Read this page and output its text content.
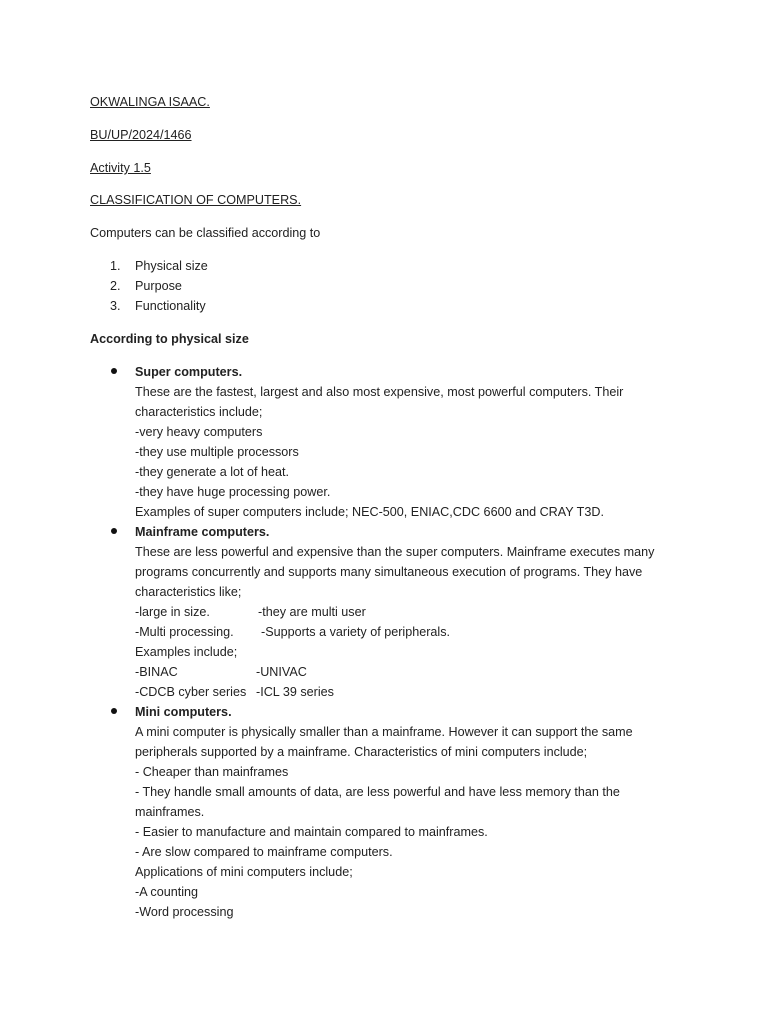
OKWALINGA ISAAC.
BU/UP/2024/1466
Activity 1.5
CLASSIFICATION OF COMPUTERS.
Computers can be classified according to
1. Physical size
2. Purpose
3. Functionality
According to physical size
Super computers.
These are the fastest, largest and also most expensive, most powerful computers. Their
characteristics include;
-very heavy computers
-they use multiple processors
-they generate a lot of heat.
-they have huge processing power.
Examples of super computers include; NEC-500, ENIAC,CDC 6600 and CRAY T3D.
Mainframe computers.
These are less powerful and expensive than the super computers. Mainframe executes many
programs concurrently and supports many simultaneous execution of programs. They have
characteristics like;
-large in size.	-they are multi user
-Multi processing. -Supports a variety of peripherals.
Examples include;
-BINAC	-UNIVAC
-CDCB cyber series -ICL 39 series
Mini computers.
A mini computer is physically smaller than a mainframe. However it can support the same
peripherals supported by a mainframe. Characteristics of mini computers include;
- Cheaper than mainframes
- They handle small amounts of data, are less powerful and have less memory than the
mainframes.
- Easier to manufacture and maintain compared to mainframes.
- Are slow compared to mainframe computers.
Applications of mini computers include;
-A counting
-Word processing
